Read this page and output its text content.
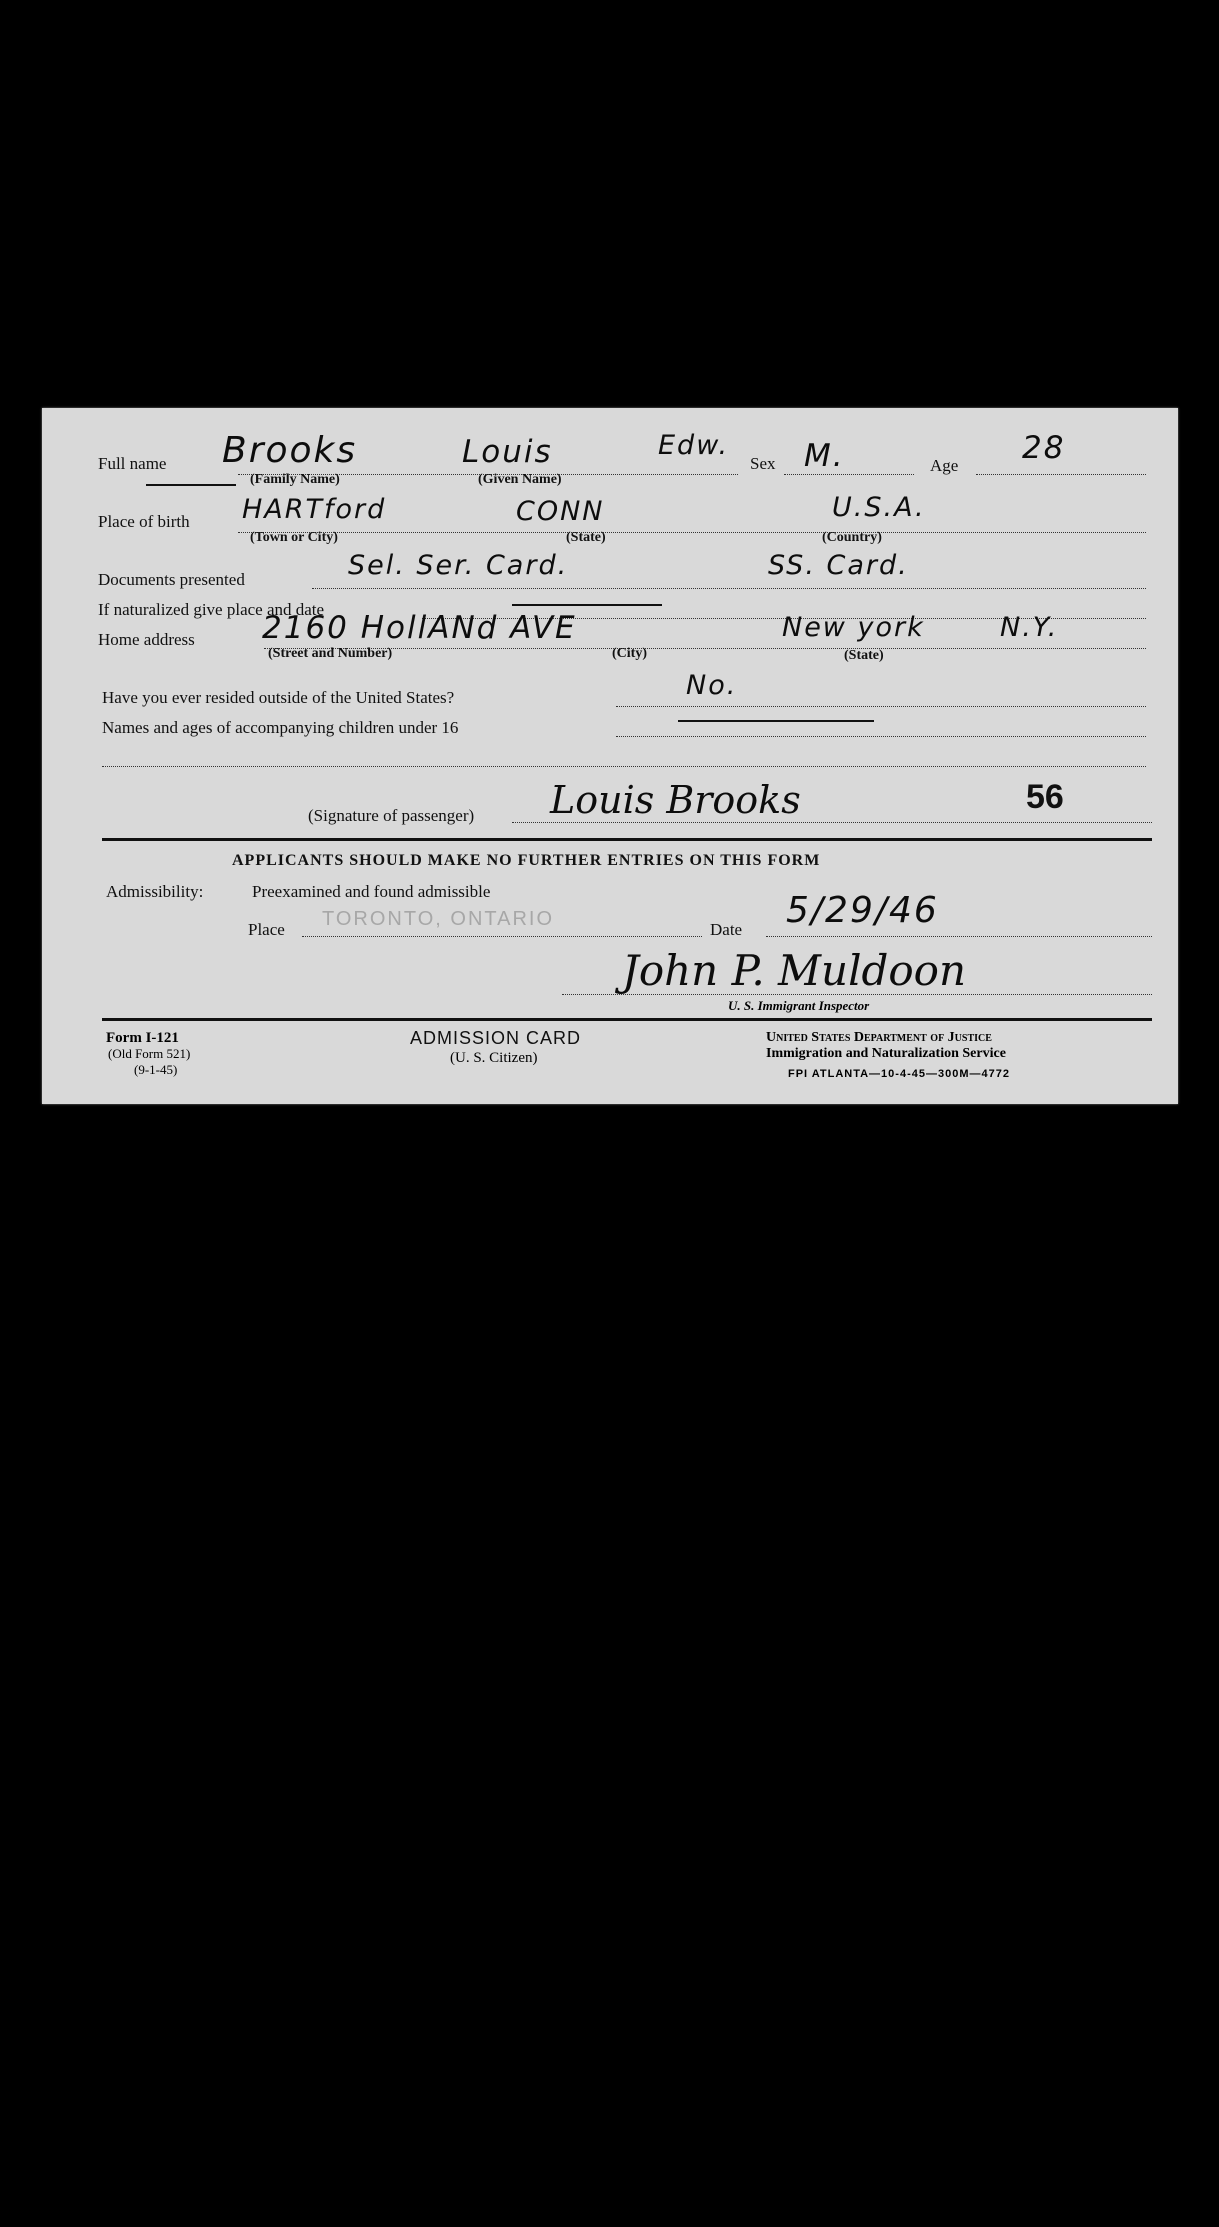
Full name Brooks	Louis	Edw.
Sex M.	Age 28
(Family Name)	(Given Name)
Place of birth HARTford	CONN	U.S.A.
(Town or City)	(State)	(Country)
Documents presented	Sel. Ser. Card.	SS. Card.
If naturalized give place and date
Home address 2160 HollANd AVE	New york	N.Y.
(Street and Number)	(City)	(State)
Have you ever resided outside of the United States?	No.
Names and ages of accompanying children under 16
(Signature of passenger) Louis Brooks	56
APPLICANTS SHOULD MAKE NO FURTHER ENTRIES ON THIS FORM
Admissibility:	Preexamined and found admissible
Place TORONTO, ONTARIO	Date 5/29/46
John P. Muldoon
U. S. Immigrant Inspector
Form I-121
(Old Form 521)
(9-1-45)
ADMISSION CARD
(U. S. Citizen)
United States Department of Justice
Immigration and Naturalization Service
FPI ATLANTA—10-4-45—300M—4772
